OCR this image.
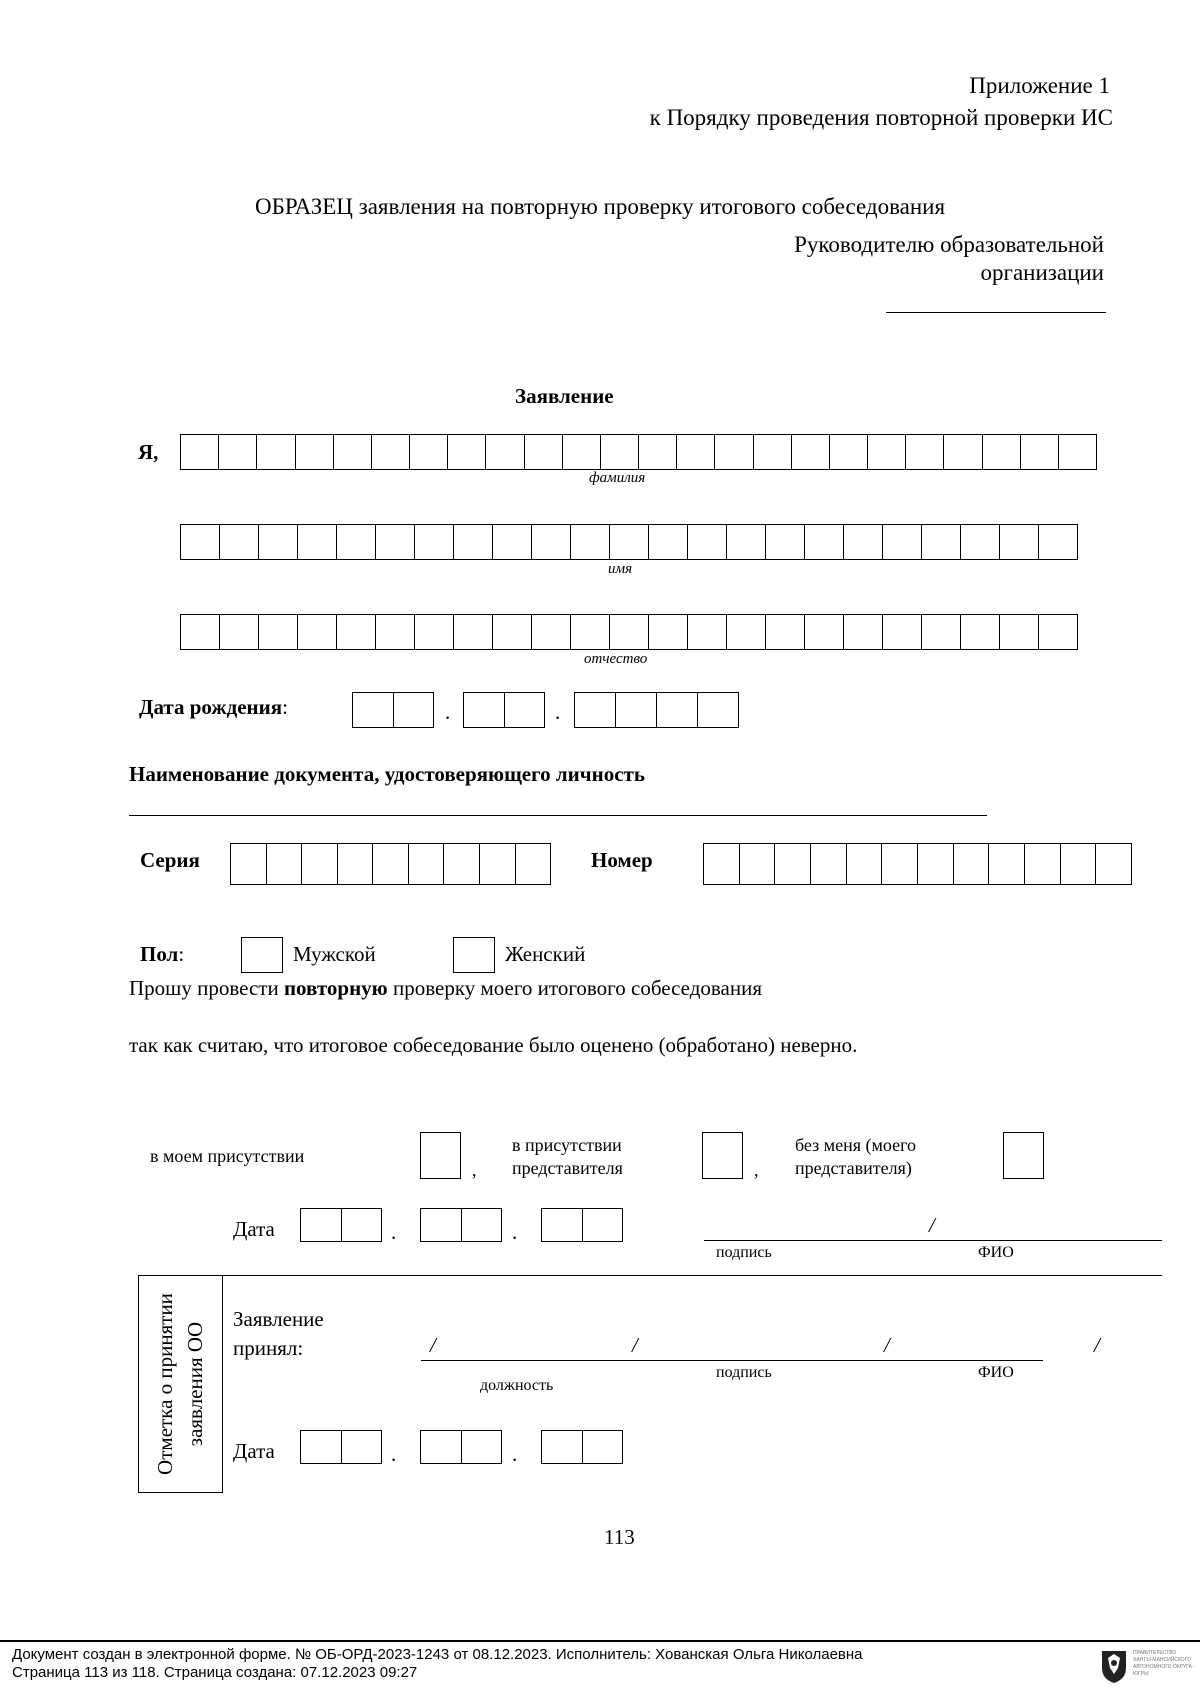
Приложение 1
к Порядку проведения повторной проверки ИС
ОБРАЗЕЦ заявления на повторную проверку итогового собеседования
Руководителю образовательной
организации
Заявление
Я,
фамилия
имя
отчество
Дата рождения:	.	.
Наименование документа, удостоверяющего личность
Серия	Номер
Пол:	Мужской	Женский
Прошу провести повторную проверку моего итогового собеседования
так как считаю, что итоговое собеседование было оценено (обработано) неверно.
в моем присутствии
,
в присутствии
представителя	,
без меня (моего
представителя)
Дата	.	.	/
подпись	ФИО
Отметка о принятии заявления ОО
Заявление
принял:	/	/	/	/
должность
подпись	ФИО
Дата	.	.
113
Документ создан в электронной форме. № ОБ-ОРД-2023-1243 от 08.12.2023. Исполнитель: Хованская Ольга Николаевна
Страница 113 из 118. Страница создана: 07.12.2023 09:27
ПРАВИТЕЛЬСТВО ХАНТЫ-МАНСИЙСКОГО АВТОНОМНОГО ОКРУГА - ЮГРЫ
